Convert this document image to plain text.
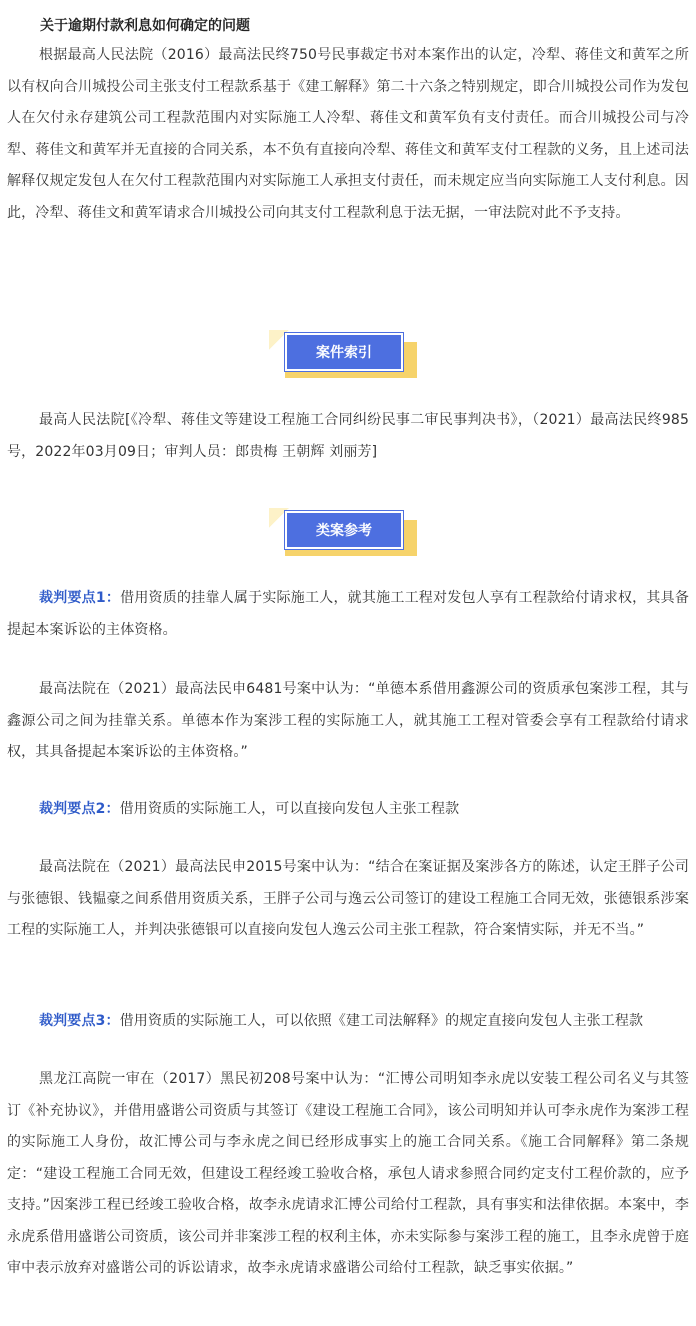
关于逾期付款利息如何确定的问题

根据最高人民法院（2016）最高法民终750号民事裁定书对本案作出的认定，冷犁、蒋佳文和黄军之所以有权向合川城投公司主张支付工程款系基于《建工解释》第二十六条之特别规定，即合川城投公司作为发包人在欠付永存建筑公司工程款范围内对实际施工人冷犁、蒋佳文和黄军负有支付责任。而合川城投公司与冷犁、蒋佳文和黄军并无直接的合同关系，本不负有直接向冷犁、蒋佳文和黄军支付工程款的义务，且上述司法解释仅规定发包人在欠付工程款范围内对实际施工人承担支付责任，而未规定应当向实际施工人支付利息。因此，冷犁、蒋佳文和黄军请求合川城投公司向其支付工程款利息于法无据，一审法院对此不予支持。

案件索引

最高人民法院[《冷犁、蒋佳文等建设工程施工合同纠纷民事二审民事判决书》，（2021）最高法民终985号，2022年03月09日；审判人员：郎贵梅 王朝辉 刘丽芳]

类案参考

裁判要点1：借用资质的挂靠人属于实际施工人，就其施工工程对发包人享有工程款给付请求权，其具备提起本案诉讼的主体资格。

最高法院在（2021）最高法民申6481号案中认为：“单德本系借用鑫源公司的资质承包案涉工程，其与鑫源公司之间为挂靠关系。单德本作为案涉工程的实际施工人，就其施工工程对管委会享有工程款给付请求权，其具备提起本案诉讼的主体资格。”

裁判要点2：借用资质的实际施工人，可以直接向发包人主张工程款

最高法院在（2021）最高法民申2015号案中认为：“结合在案证据及案涉各方的陈述，认定王胖子公司与张德银、钱韫豪之间系借用资质关系，王胖子公司与逸云公司签订的建设工程施工合同无效，张德银系涉案工程的实际施工人，并判决张德银可以直接向发包人逸云公司主张工程款，符合案情实际，并无不当。”

裁判要点3：借用资质的实际施工人，可以依照《建工司法解释》的规定直接向发包人主张工程款

黑龙江高院一审在（2017）黑民初208号案中认为：“汇博公司明知李永虎以安装工程公司名义与其签订《补充协议》，并借用盛谐公司资质与其签订《建设工程施工合同》，该公司明知并认可李永虎作为案涉工程的实际施工人身份，故汇博公司与李永虎之间已经形成事实上的施工合同关系。《施工合同解释》第二条规定：“建设工程施工合同无效，但建设工程经竣工验收合格，承包人请求参照合同约定支付工程价款的，应予支持。”因案涉工程已经竣工验收合格，故李永虎请求汇博公司给付工程款，具有事实和法律依据。本案中，李永虎系借用盛谐公司资质，该公司并非案涉工程的权利主体，亦未实际参与案涉工程的施工，且李永虎曾于庭审中表示放弃对盛谐公司的诉讼请求，故李永虎请求盛谐公司给付工程款，缺乏事实依据。”
